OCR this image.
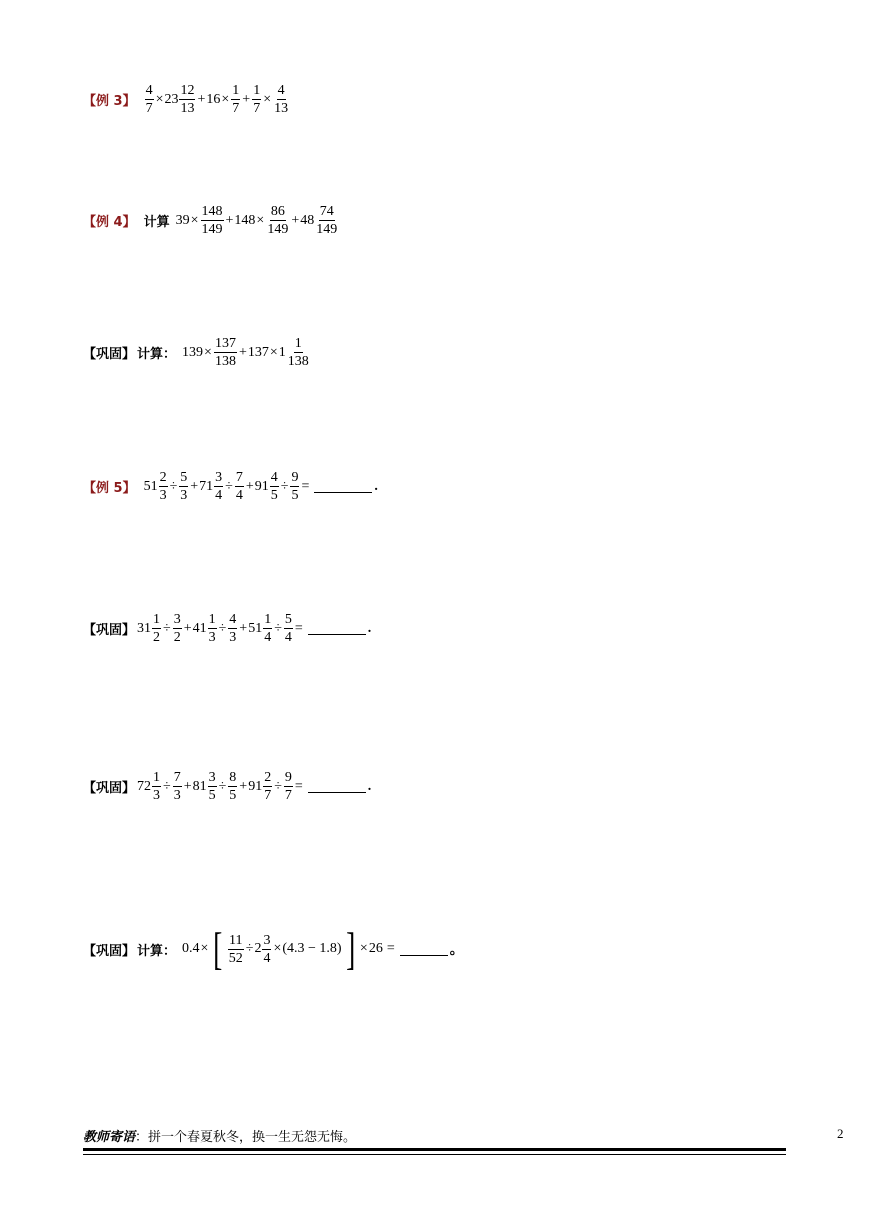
【例 3】 $\frac{4}{7} \times 23 \frac{12}{13} + 16 \times \frac{1}{7} + \frac{1}{7} \times \frac{4}{13}$
【例 4】 计算 $39 \times \frac{148}{149} + 148 \times \frac{86}{149} + 48 \frac{74}{149}$
【巩固】 计算： $139 \times \frac{137}{138} + 137 \times 1 \frac{1}{138}$
【例 5】 $51 \frac{2}{3} \div \frac{5}{3} + 71 \frac{3}{4} \div \frac{7}{4} + 91 \frac{4}{5} \div \frac{9}{5}$ =	.
【巩固】 $31 \frac{1}{2} \div \frac{3}{2} + 41 \frac{1}{3} \div \frac{4}{3} + 51 \frac{1}{4} \div \frac{5}{4}$ =	.
【巩固】 $72 \frac{1}{3} \div \frac{7}{3} + 81 \frac{3}{5} \div \frac{8}{5} + 91 \frac{2}{7} \div \frac{9}{7}$ =	.
【巩固】 计算： 0.4 × [ $\frac{11}{52} \div 2 \frac{3}{4} \times (4.3 - 1.8)$ ] × 26 =	。
教师寄语：拼一个春夏秋冬，换一生无怨无悔。	2
